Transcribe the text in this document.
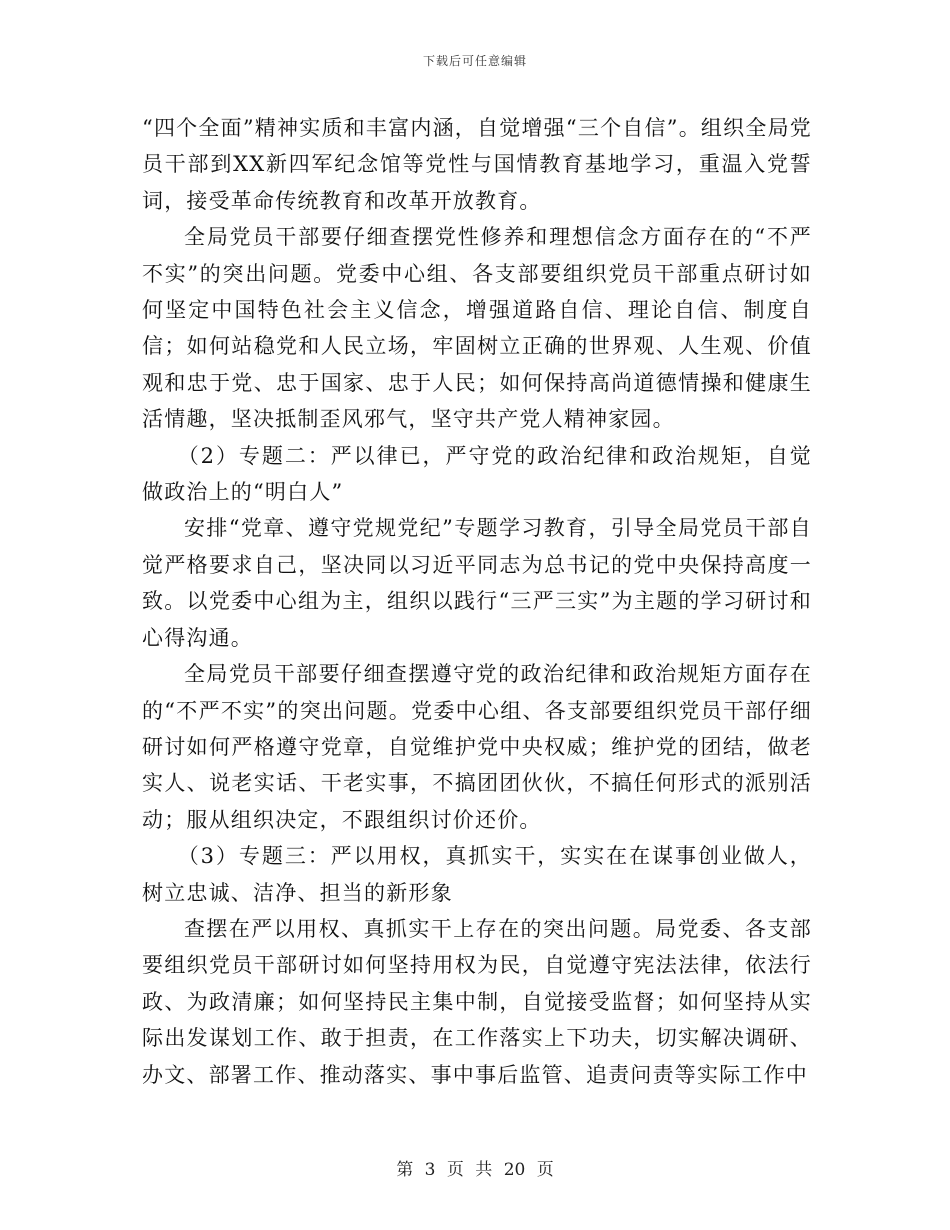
下载后可任意编辑

“四个全面”精神实质和丰富内涵，自觉增强“三个自信”。组织全局党员干部到XX新四军纪念馆等党性与国情教育基地学习，重温入党誓词，接受革命传统教育和改革开放教育。

全局党员干部要仔细查摆党性修养和理想信念方面存在的“不严不实”的突出问题。党委中心组、各支部要组织党员干部重点研讨如何坚定中国特色社会主义信念，增强道路自信、理论自信、制度自信；如何站稳党和人民立场，牢固树立正确的世界观、人生观、价值观和忠于党、忠于国家、忠于人民；如何保持高尚道德情操和健康生活情趣，坚决抵制歪风邪气，坚守共产党人精神家园。

（2）专题二：严以律已，严守党的政治纪律和政治规矩，自觉做政治上的“明白人”

安排“党章、遵守党规党纪”专题学习教育，引导全局党员干部自觉严格要求自己，坚决同以习近平同志为总书记的党中央保持高度一致。以党委中心组为主，组织以践行“三严三实”为主题的学习研讨和心得沟通。

全局党员干部要仔细查摆遵守党的政治纪律和政治规矩方面存在的“不严不实”的突出问题。党委中心组、各支部要组织党员干部仔细研讨如何严格遵守党章，自觉维护党中央权威；维护党的团结，做老实人、说老实话、干老实事，不搞团团伙伙，不搞任何形式的派别活动；服从组织决定，不跟组织讨价还价。

（3）专题三：严以用权，真抓实干，实实在在谋事创业做人，树立忠诚、洁净、担当的新形象

查摆在严以用权、真抓实干上存在的突出问题。局党委、各支部要组织党员干部研讨如何坚持用权为民，自觉遵守宪法法律，依法行政、为政清廉；如何坚持民主集中制，自觉接受监督；如何坚持从实际出发谋划工作、敢于担责，在工作落实上下功夫，切实解决调研、办文、部署工作、推动落实、事中事后监管、追责问责等实际工作中

第 3 页 共 20 页
